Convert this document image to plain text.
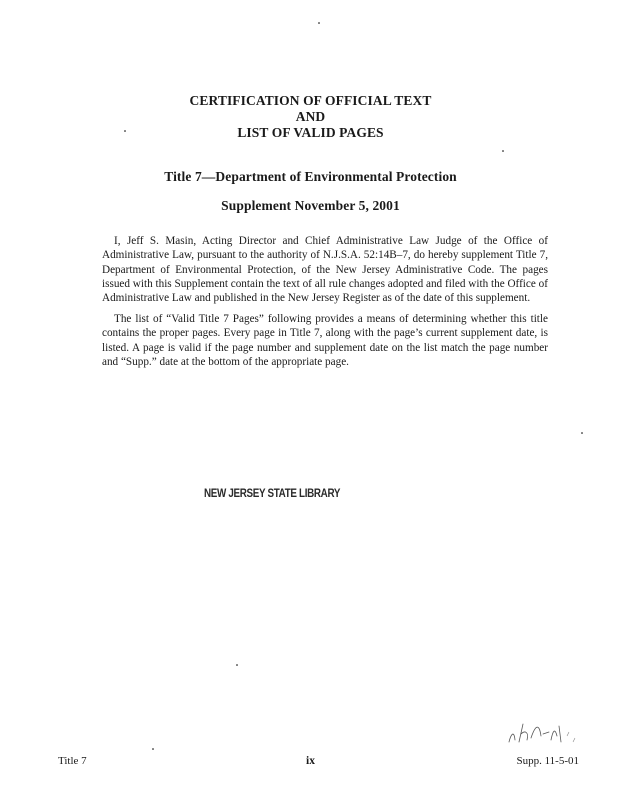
CERTIFICATION OF OFFICIAL TEXT
AND
LIST OF VALID PAGES
Title 7—Department of Environmental Protection
Supplement November 5, 2001

I, Jeff S. Masin, Acting Director and Chief Administrative Law Judge of the Office of Administrative Law, pursuant to the authority of N.J.S.A. 52:14B–7, do hereby supplement Title 7, Department of Environmental Protection, of the New Jersey Administrative Code. The pages issued with this Supplement contain the text of all rule changes adopted and filed with the Office of Administrative Law and published in the New Jersey Register as of the date of this supplement.

The list of “Valid Title 7 Pages” following provides a means of determining whether this title contains the proper pages. Every page in Title 7, along with the page’s current supplement date, is listed. A page is valid if the page number and supplement date on the list match the page number and “Supp.” date at the bottom of the appropriate page.

NEW JERSEY STATE LIBRARY
Title 7	ix	Supp. 11-5-01
